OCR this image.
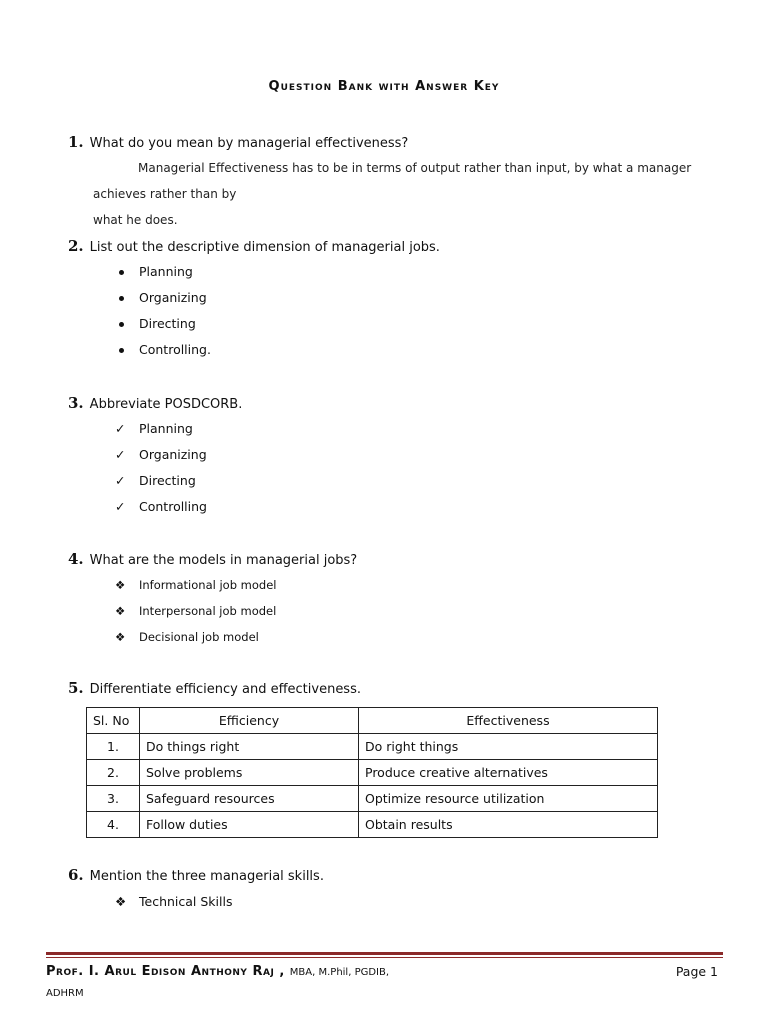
Question Bank with Answer Key
1. What do you mean by managerial effectiveness?
Managerial Effectiveness has to be in terms of output rather than input, by what a manager achieves rather than by
what he does.
2. List out the descriptive dimension of managerial jobs.
Planning
Organizing
Directing
Controlling.
3. Abbreviate POSDCORB.
✓	Planning
✓	Organizing
✓	Directing
✓	Controlling
4. What are the models in managerial jobs?
❖	Informational job model
❖	Interpersonal job model
❖	Decisional job model
5. Differentiate efficiency and effectiveness.
Sl. No	Efficiency	Effectiveness
1.	Do things right	Do right things
2.	Solve problems	Produce creative alternatives
3.	Safeguard resources	Optimize resource utilization
4.	Follow duties	Obtain results
6. Mention the three managerial skills.
❖	Technical Skills
Prof. I. Arul Edison Anthony Raj , MBA, M.Phil, PGDIB,
ADHRM
Page 1
